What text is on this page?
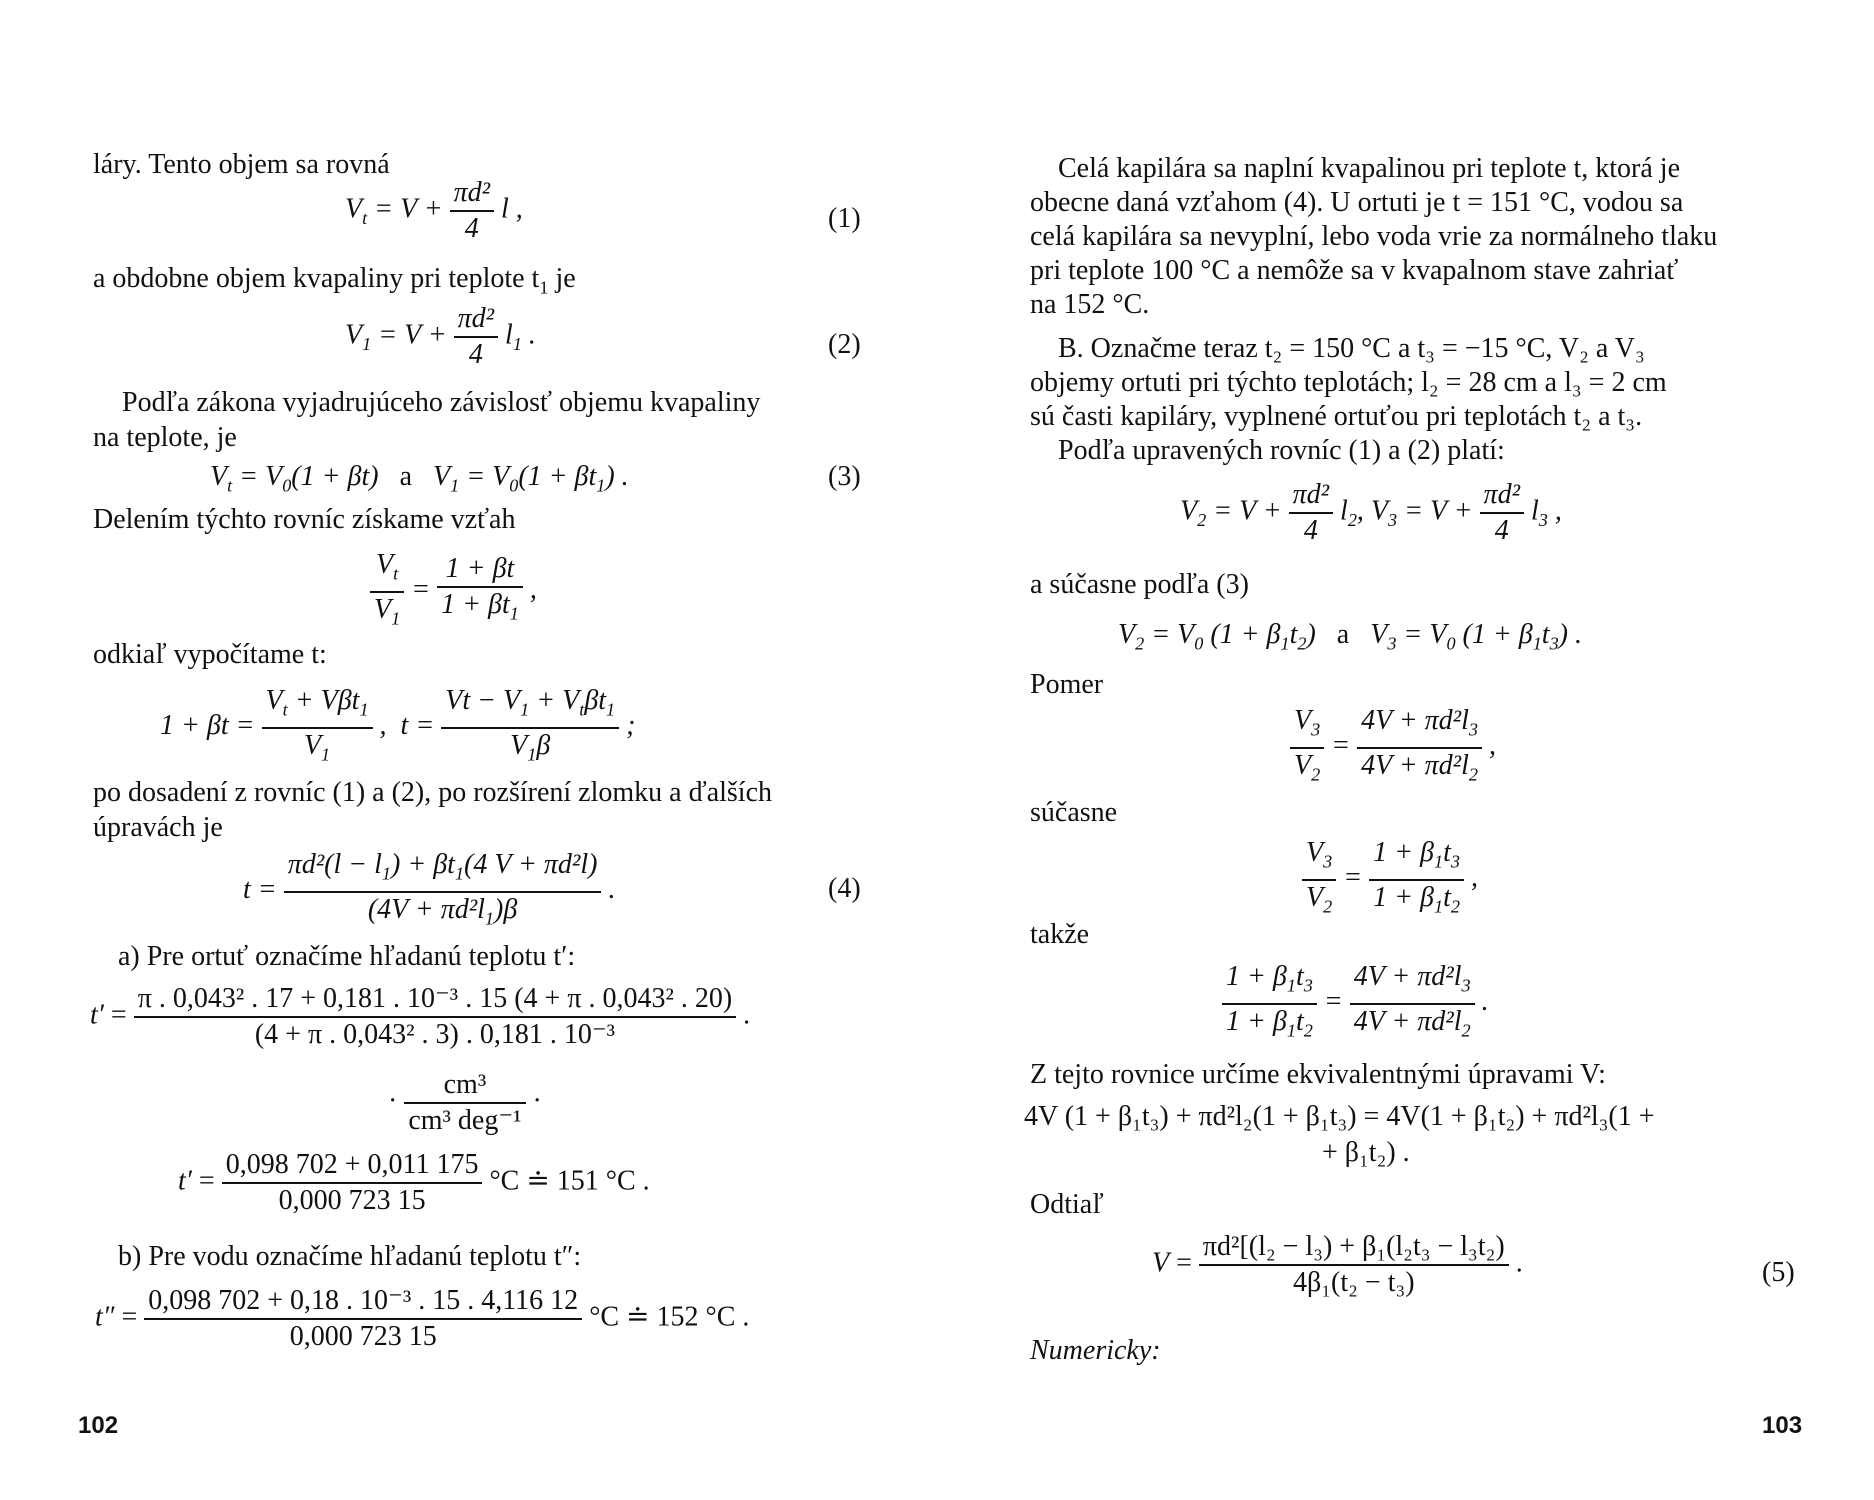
láry. Tento objem sa rovná
$V_t = V + \frac{\text{πd²}}{4}$ l ,	(1)
a obdobne objem kvapaliny pri teplote $t_1$ je
$V_1 = V + \frac{\text{πd²}}{4} l_1$ .	(2)
Podľa zákona vyjadrujúceho závislosť objemu kvapaliny
na teplote, je
$V_t = V_0(1 + \beta t)$   a $V_1 = V_0(1 + \beta t_1)$ .	(3)
Delením týchto rovníc získame vzťah
$\frac{V_t}{V_1} = \frac{1 + \beta t}{1 + \beta t_1}$ ,
odkiaľ vypočítame t:
$1 + \beta t = \frac{V_t + V\beta t_1}{V_1}$ ,  $t = \frac{Vt - V_1 + V_t\beta t_1}{V_1\beta}$ ;
po dosadení z rovníc (1) a (2), po rozšírení zlomku a ďalších
úpravách je
$t = \frac{\pi d^2(l - l_1) + \beta t_1(4 V + \pi d^2l)}{(4V + \pi d^2l_1)\beta}$ .	(4)
a) Pre ortuť označíme hľadanú teplotu t′:
$t' = \frac{\text{π . 0,043² . 17 + 0,181 . 10⁻³ . 15 (4 + π . 0,043² . 20)}}{\text{(4 + π . 0,043² . 3) . 0,181 . 10⁻³}}$ .
· $\frac{\text{cm³}}{\text{cm³ deg⁻¹}}$ ·
$t' = \frac{0,098 702 + 0,011 175}{0,000 723 15} ^\circ C$ ≐ 151 °C .
b) Pre vodu označíme hľadanú teplotu t″:
$t'' = \frac{\text{0,098 702 + 0,18 . 10⁻³ . 15 . 4,116 12}}{0,000 723 15} ^\circ C$ ≐ 152 °C .
102
Celá kapilára sa naplní kvapalinou pri teplote t, ktorá je
obecne daná vzťahom (4). U ortuti je t = 151 °C, vodou sa
celá kapilára sa nevyplní, lebo voda vrie za normálneho tlaku
pri teplote 100 °C a nemôže sa v kvapalnom stave zahriať
na 152 °C.
B. Označme teraz t₂ = 150 °C a t₃ = −15 °C, V₂ a V₃
objemy ortuti pri týchto teplotách; l₂ = 28 cm a l₃ = 2 cm
sú časti kapiláry, vyplnené ortuťou pri teplotách t₂ a t₃.
Podľa upravených rovníc (1) a (2) platí:
$V_2 = V + \frac{\text{πd²}}{4} l_2$, $V_3 = V + \frac{\text{πd²}}{4} l_3$ ,
a súčasne podľa (3)
$V_2 = V_0$ $(1 + \beta_1t_2)$   a $V_3 = V_0$ $(1 + \beta_1t_3)$ .
Pomer
$\frac{V_3}{V_2} = \frac{4V + \pi d^2l_3}{4V + \pi d^2l_2}$ ,
súčasne
$\frac{V_3}{V_2} = \frac{1 + \beta_1t_3}{1 + \beta_1t_2}$ ,
takže
$\frac{1 + \beta_1t_3}{1 + \beta_1t_2} = \frac{4V + \pi d^2l_3}{4V + \pi d^2l_2}$ .
Z tejto rovnice určíme ekvivalentnými úpravami V:
4V (1 + β₁t₃) + πd²l₂(1 + β₁t₃) = 4V(1 + β₁t₂) + πd²l₃(1 +
+ β₁t₂) .
Odtiaľ
$V = \frac{\text{πd²[(l₂ − l₃) + β₁(l₂t₃ − l₃t₂)}}{\text{4β₁(t₂ − t₃)}}$ .	(5)
Numericky:
103
